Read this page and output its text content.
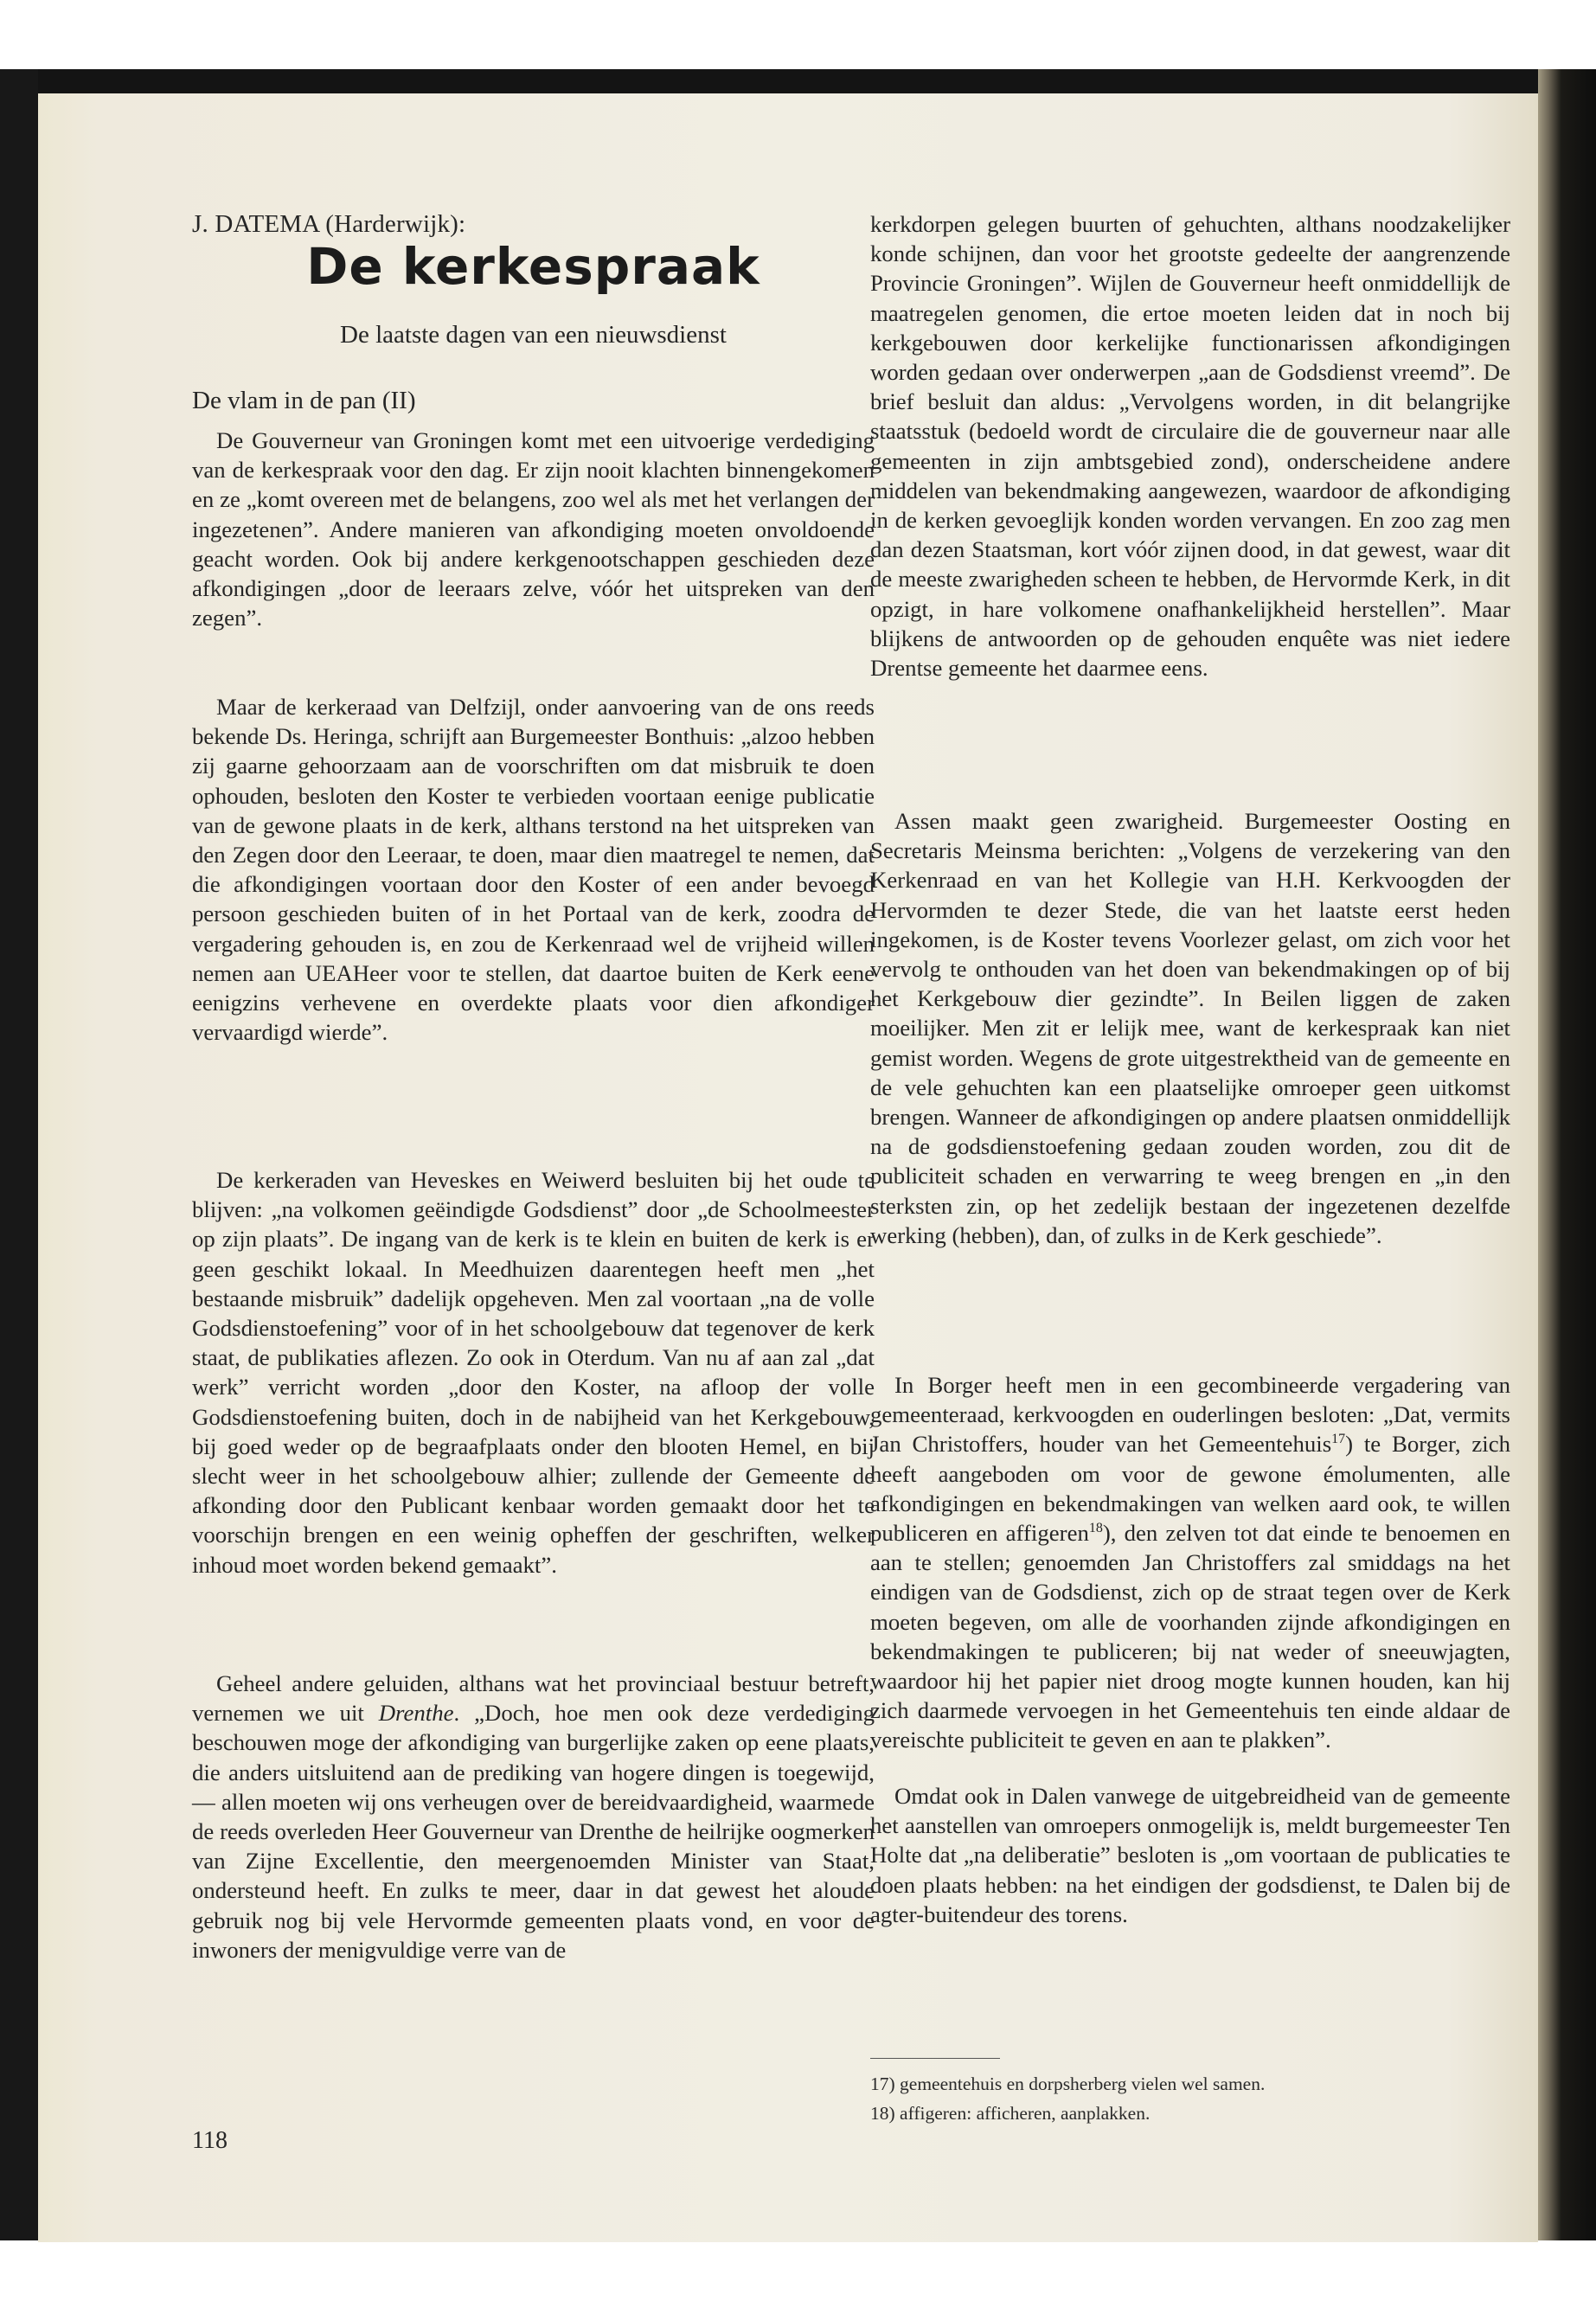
J. DATEMA (Harderwijk):
De kerkespraak
De laatste dagen van een nieuwsdienst
De vlam in de pan (II)

De Gouverneur van Groningen komt met een uitvoerige verdediging van de kerkespraak voor den dag. Er zijn nooit klachten binnengekomen en ze „komt overeen met de belangens, zoo wel als met het verlangen der ingezetenen”. Andere manieren van afkondiging moeten onvoldoende geacht worden. Ook bij andere kerkgenootschappen geschieden deze afkondigingen „door de leeraars zelve, vóór het uitspreken van den zegen”.

Maar de kerkeraad van Delfzijl, onder aanvoering van de ons reeds bekende Ds. Heringa, schrijft aan Burgemeester Bonthuis: „alzoo hebben zij gaarne gehoorzaam aan de voorschriften om dat misbruik te doen ophouden, besloten den Koster te verbieden voortaan eenige publicatie van de gewone plaats in de kerk, althans terstond na het uitspreken van den Zegen door den Leeraar, te doen, maar dien maatregel te nemen, dat die afkondigingen voortaan door den Koster of een ander bevoegd persoon geschieden buiten of in het Portaal van de kerk, zoodra de vergadering gehouden is, en zou de Kerkenraad wel de vrijheid willen nemen aan UEAHeer voor te stellen, dat daartoe buiten de Kerk eene eenigzins verhevene en overdekte plaats voor dien afkondiger vervaardigd wierde”.

De kerkeraden van Heveskes en Weiwerd besluiten bij het oude te blijven: „na volkomen geëindigde Godsdienst” door „de Schoolmeester op zijn plaats”. De ingang van de kerk is te klein en buiten de kerk is er geen geschikt lokaal. In Meedhuizen daarentegen heeft men „het bestaande misbruik” dadelijk opgeheven. Men zal voortaan „na de volle Godsdienstoefening” voor of in het schoolgebouw dat tegenover de kerk staat, de publikaties aflezen. Zo ook in Oterdum. Van nu af aan zal „dat werk” verricht worden „door den Koster, na afloop der volle Godsdienstoefening buiten, doch in de nabijheid van het Kerkgebouw, bij goed weder op de begraafplaats onder den blooten Hemel, en bij slecht weer in het schoolgebouw alhier; zullende der Gemeente de afkonding door den Publicant kenbaar worden gemaakt door het te voorschijn brengen en een weinig opheffen der geschriften, welker inhoud moet worden bekend gemaakt”.

Geheel andere geluiden, althans wat het provinciaal bestuur betreft, vernemen we uit Drenthe. „Doch, hoe men ook deze verdediging beschouwen moge der afkondiging van burgerlijke zaken op eene plaats, die anders uitsluitend aan de prediking van hogere dingen is toegewijd, — allen moeten wij ons verheugen over de bereidvaardigheid, waarmede de reeds overleden Heer Gouverneur van Drenthe de heilrijke oogmerken van Zijne Excellentie, den meergenoemden Minister van Staat, ondersteund heeft. En zulks te meer, daar in dat gewest het aloude gebruik nog bij vele Hervormde gemeenten plaats vond, en voor de inwoners der menigvuldige verre van de

118

kerkdorpen gelegen buurten of gehuchten, althans noodzakelijker konde schijnen, dan voor het grootste gedeelte der aangrenzende Provincie Groningen”. Wijlen de Gouverneur heeft onmiddellijk de maatregelen genomen, die ertoe moeten leiden dat in noch bij kerkgebouwen door kerkelijke functionarissen afkondigingen worden gedaan over onderwerpen „aan de Godsdienst vreemd”. De brief besluit dan aldus: „Vervolgens worden, in dit belangrijke staatsstuk (bedoeld wordt de circulaire die de gouverneur naar alle gemeenten in zijn ambtsgebied zond), onderscheidene andere middelen van bekendmaking aangewezen, waardoor de afkondiging in de kerken gevoeglijk konden worden vervangen. En zoo zag men dan dezen Staatsman, kort vóór zijnen dood, in dat gewest, waar dit de meeste zwarigheden scheen te hebben, de Hervormde Kerk, in dit opzigt, in hare volkomene onafhankelijkheid herstellen”. Maar blijkens de antwoorden op de gehouden enquête was niet iedere Drentse gemeente het daarmee eens.

Assen maakt geen zwarigheid. Burgemeester Oosting en Secretaris Meinsma berichten: „Volgens de verzekering van den Kerkenraad en van het Kollegie van H.H. Kerkvoogden der Hervormden te dezer Stede, die van het laatste eerst heden ingekomen, is de Koster tevens Voorlezer gelast, om zich voor het vervolg te onthouden van het doen van bekendmakingen op of bij het Kerkgebouw dier gezindte”. In Beilen liggen de zaken moeilijker. Men zit er lelijk mee, want de kerkespraak kan niet gemist worden. Wegens de grote uitgestrektheid van de gemeente en de vele gehuchten kan een plaatselijke omroeper geen uitkomst brengen. Wanneer de afkondigingen op andere plaatsen onmiddellijk na de godsdienstoefening gedaan zouden worden, zou dit de publiciteit schaden en verwarring te weeg brengen en „in den sterksten zin, op het zedelijk bestaan der ingezetenen dezelfde werking (hebben), dan, of zulks in de Kerk geschiede”.

In Borger heeft men in een gecombineerde vergadering van gemeenteraad, kerkvoogden en ouderlingen besloten: „Dat, vermits Jan Christoffers, houder van het Gemeentehuis$^{17}$) te Borger, zich heeft aangeboden om voor de gewone émolumenten, alle afkondigingen en bekendmakingen van welken aard ook, te willen publiceren en affigeren$^{18}$), den zelven tot dat einde te benoemen en aan te stellen; genoemden Jan Christoffers zal smiddags na het eindigen van de Godsdienst, zich op de straat tegen over de Kerk moeten begeven, om alle de voorhanden zijnde afkondigingen en bekendmakingen te publiceren; bij nat weder of sneeuwjagten, waardoor hij het papier niet droog mogte kunnen houden, kan hij zich daarmede vervoegen in het Gemeentehuis ten einde aldaar de vereischte publiciteit te geven en aan te plakken”.

Omdat ook in Dalen vanwege de uitgebreidheid van de gemeente het aanstellen van omroepers onmogelijk is, meldt burgemeester Ten Holte dat „na deliberatie” besloten is „om voortaan de publicaties te doen plaats hebben: na het eindigen der godsdienst, te Dalen bij de agter-buitendeur des torens.

17) gemeentehuis en dorpsherberg vielen wel samen.
18) affigeren: afficheren, aanplakken.
